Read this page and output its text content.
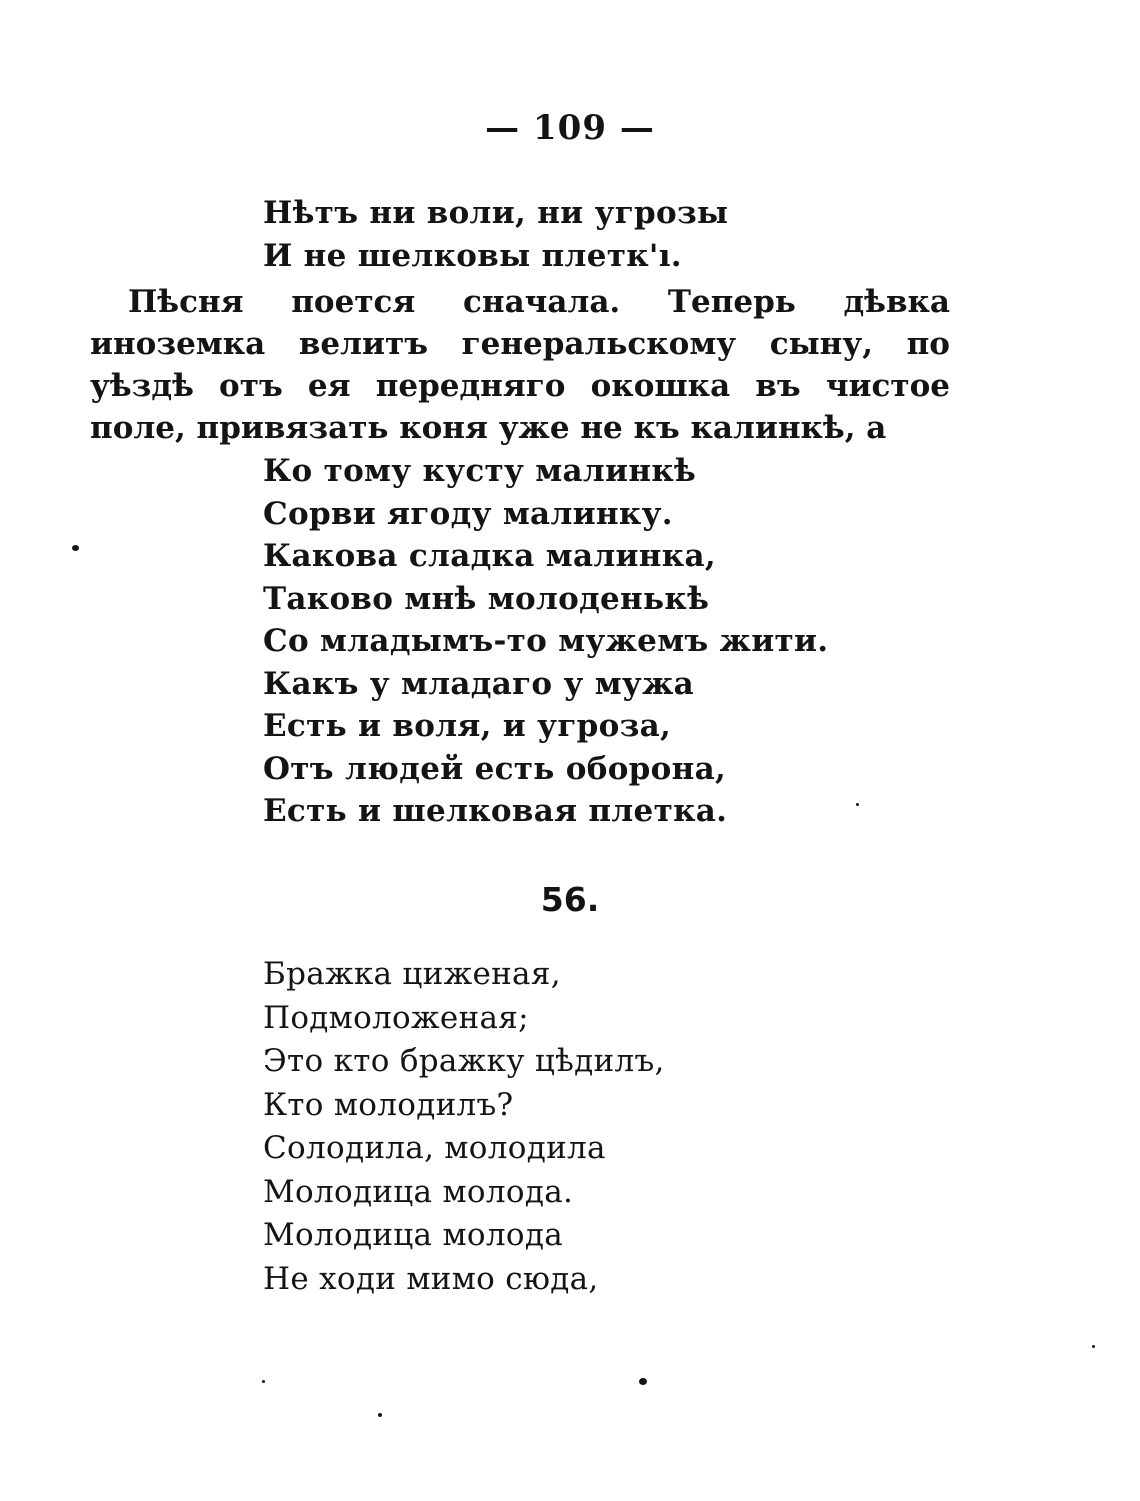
— 109 —
Нѣтъ ни воли, ни угрозы
И не шелковы плетк'ı.

Пѣсня поется сначала. Теперь дѣвка иноземка велитъ генеральскому сыну, по уѣздѣ отъ ея передняго окошка въ чистое поле, привязать коня уже не къ калинкѣ, а

Ко тому кусту малинкѣ
Сорви ягоду малинку.
Какова сладка малинка,
Таково мнѣ молоденькѣ
Со младымъ-то мужемъ жити.
Какъ у младаго у мужа
Есть и воля, и угроза,
Отъ людей есть оборона,
Есть и шелковая плетка.
56.
Бражка циженая,
Подмоложеная;
Это кто бражку цѣдилъ,
Кто молодилъ?
Солодила, молодила
Молодица молода.
Молодица молода
Не ходи мимо сюда,
